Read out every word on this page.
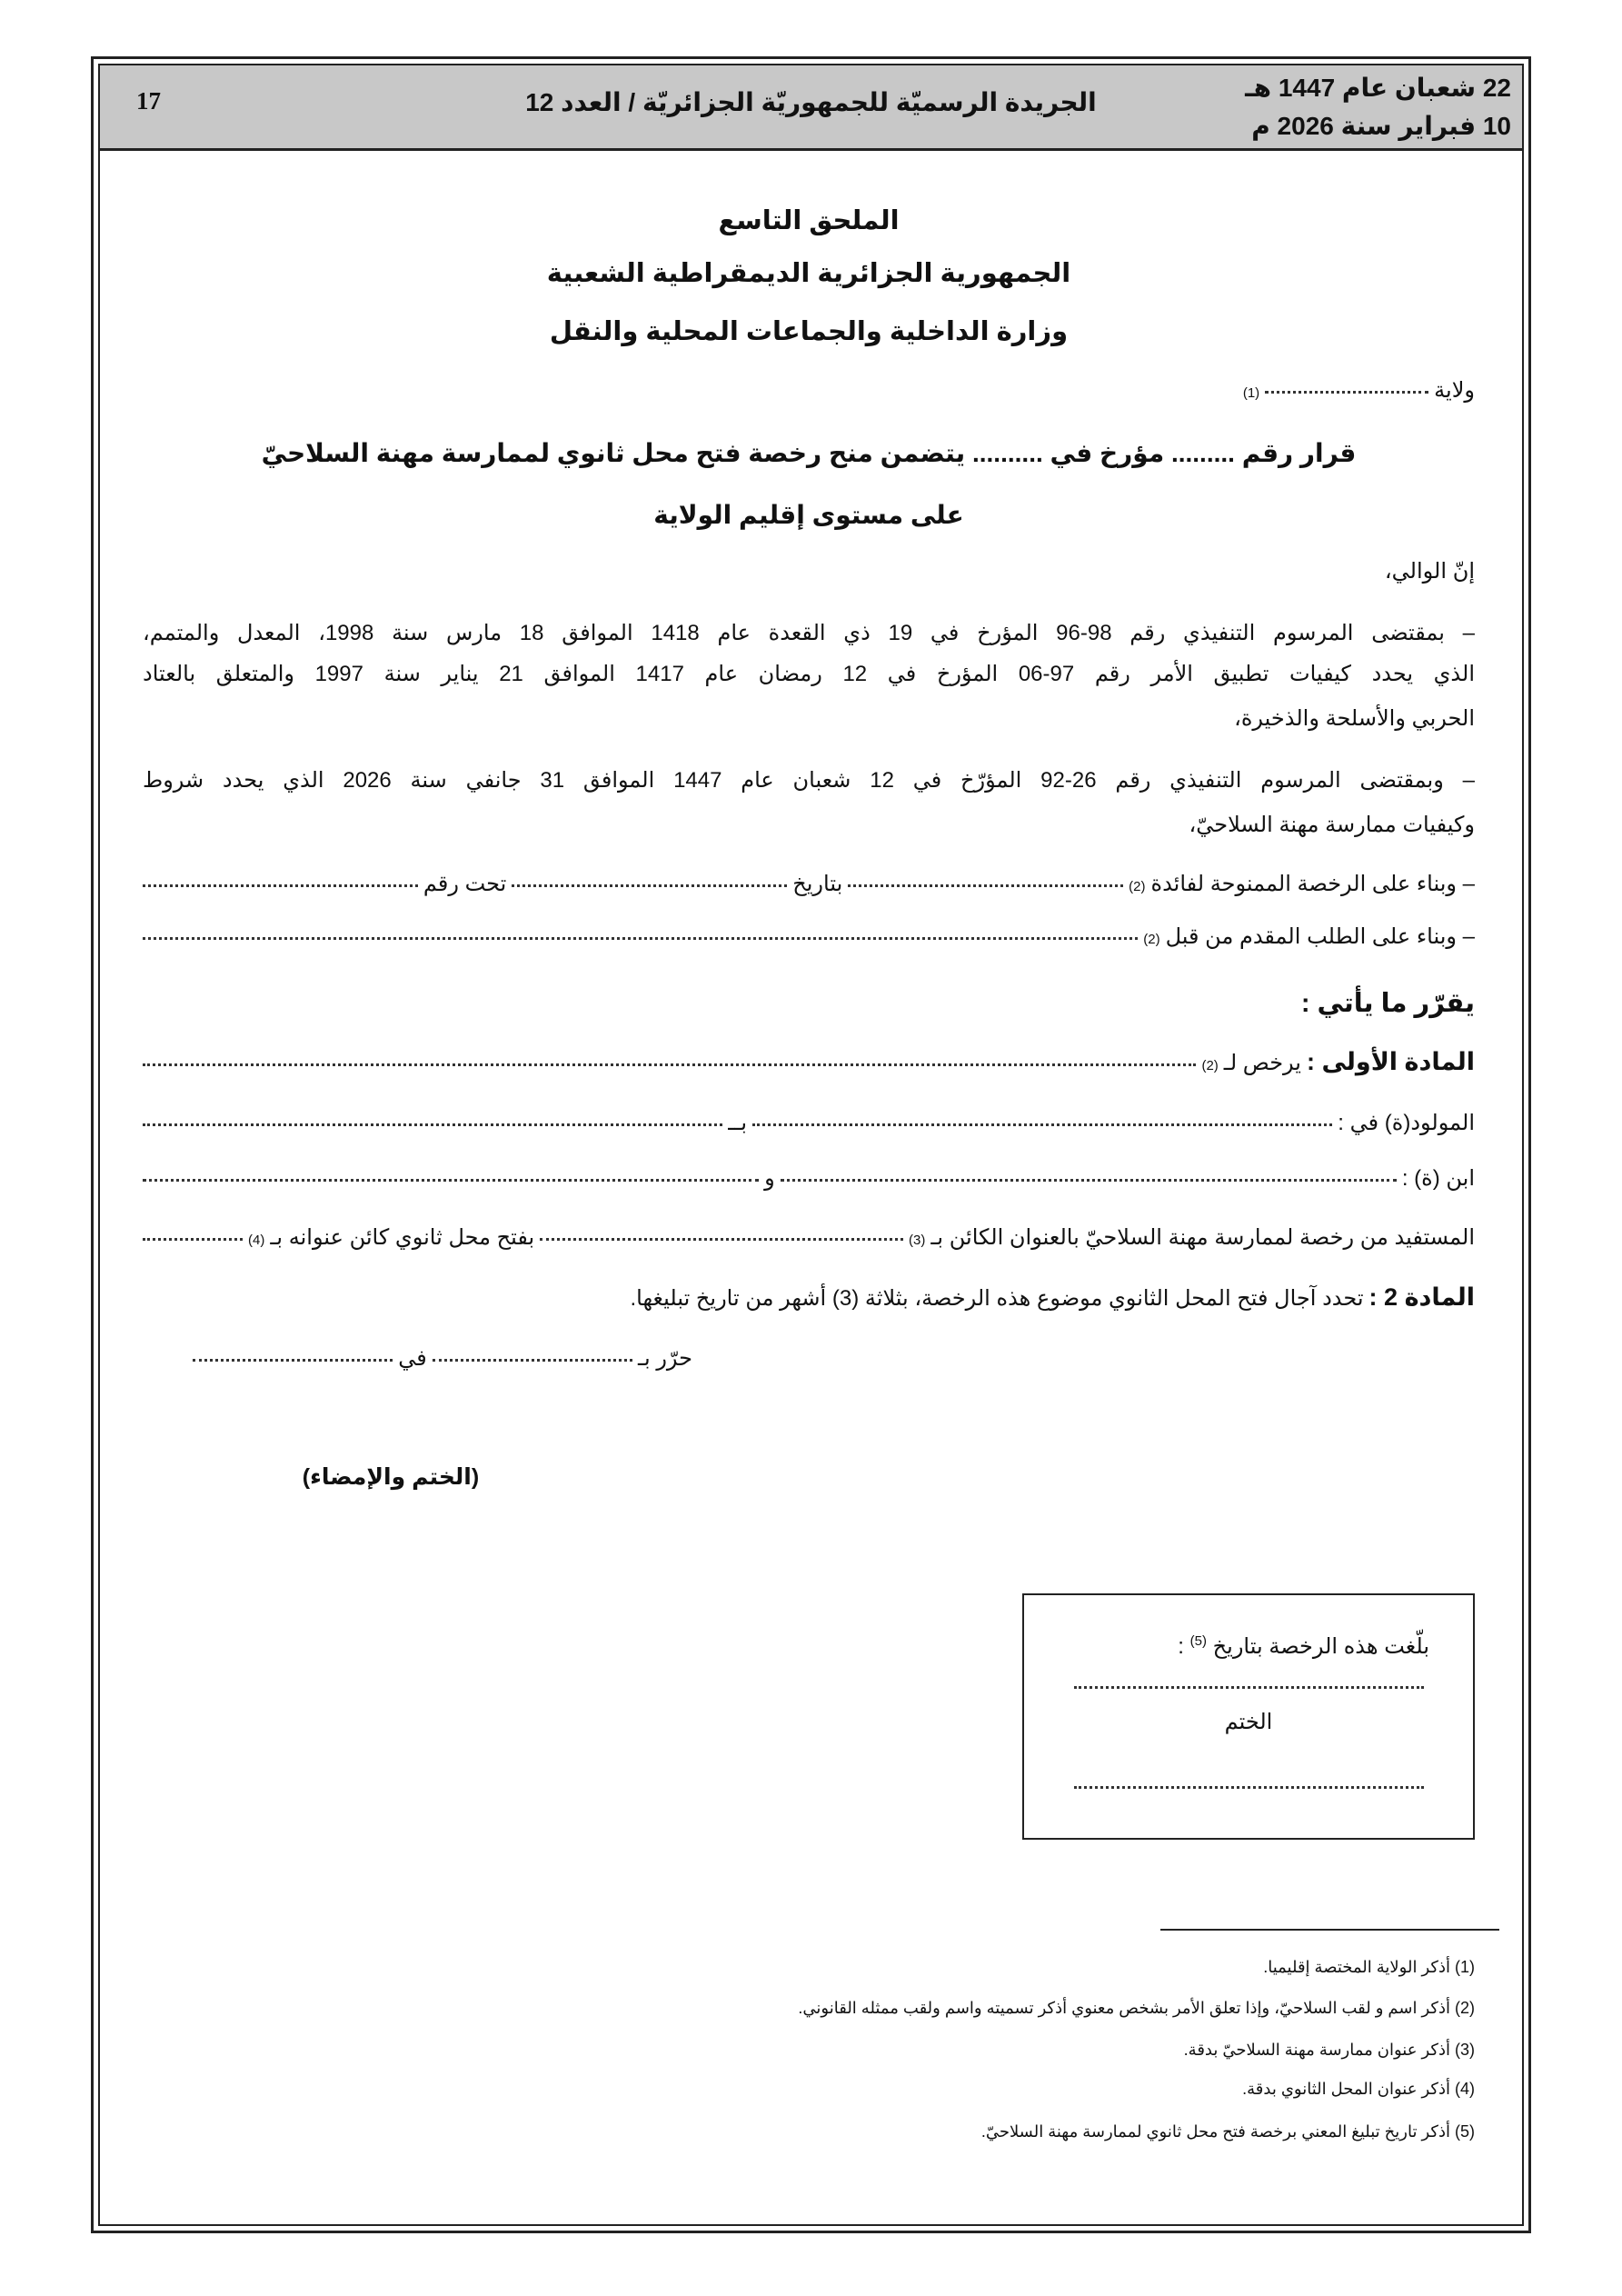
17	الجريدة الرسميّة للجمهوريّة الجزائريّة / العدد 12
22 شعبان عام 1447 هـ
10 فبراير سنة 2026 م
الملحق التاسع
الجمهورية الجزائرية الديمقراطية الشعبية
وزارة الداخلية والجماعات المحلية والنقل
ولاية
(1)
قرار رقم ......... مؤرخ في .......... يتضمن منح رخصة فتح محل ثانوي لممارسة مهنة السلاحيّ
على مستوى إقليم الولاية
إنّ الوالي،
– بمقتضى المرسوم التنفيذي رقم 98-96 المؤرخ في 19 ذي القعدة عام 1418 الموافق 18 مارس سنة 1998، المعدل والمتمم،
الذي يحدد كيفيات تطبيق الأمر رقم 97-06 المؤرخ في 12 رمضان عام 1417 الموافق 21 يناير سنة 1997 والمتعلق بالعتاد
الحربي والأسلحة والذخيرة،
– وبمقتضى المرسوم التنفيذي رقم 26-92 المؤرّخ في 12 شعبان عام 1447 الموافق 31 جانفي سنة 2026 الذي يحدد شروط
وكيفيات ممارسة مهنة السلاحيّ،
– وبناء على الرخصة الممنوحة لفائدة
(2)
بتاريخ
تحت رقم
– وبناء على الطلب المقدم من قبل
(2)
يقرّر ما يأتي :
المادة الأولى :
يرخص لـ
(2)
المولود(ة) في :
بــ
ابن (ة) :
و
المستفيد من رخصة لممارسة مهنة السلاحيّ بالعنوان الكائن بـ
(3)
بفتح محل ثانوي كائن عنوانه بـ
(4)
المادة 2 :
تحدد آجال فتح المحل الثانوي موضوع هذه الرخصة، بثلاثة (3) أشهر من تاريخ تبليغها.
حرّر بـ
في
(الختم والإمضاء)
بلّغت هذه الرخصة بتاريخ $^{(5)}$ :
الختم
(1) أذكر الولاية المختصة إقليميا.
(2) أذكر اسم و لقب السلاحيّ، وإذا تعلق الأمر بشخص معنوي أذكر تسميته واسم ولقب ممثله القانوني.
(3) أذكر عنوان ممارسة مهنة السلاحيّ بدقة.
(4) أذكر عنوان المحل الثانوي بدقة.
(5) أذكر تاريخ تبليغ المعني برخصة فتح محل ثانوي لممارسة مهنة السلاحيّ.
